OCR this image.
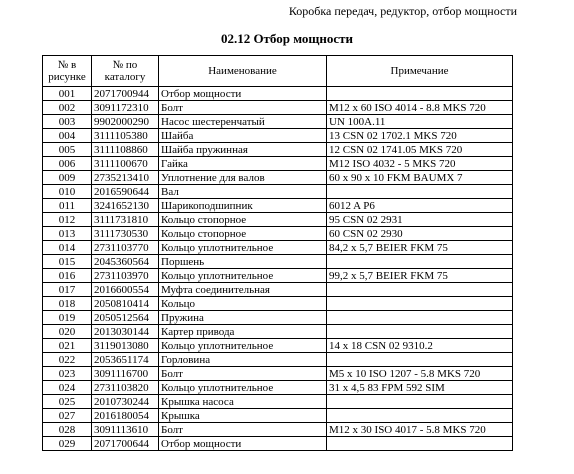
Коробка передач, редуктор, отбор мощности
02.12 Отбор мощности
№ в рисунке	№ по каталогу	Наименование	Примечание
001	2071700944	Отбор мощности	
002	3091172310	Болт	M12 x 60 ISO 4014 - 8.8 MKS 720
003	9902000290	Насос шестеренчатый	UN 100A.11
004	3111105380	Шайба	13 CSN 02 1702.1 MKS 720
005	3111108860	Шайба пружинная	12 CSN 02 1741.05 MKS 720
006	3111100670	Гайка	M12 ISO 4032 - 5 MKS 720
009	2735213410	Уплотнение для валов	60 x 90 x 10 FKM BAUMX 7
010	2016590644	Вал	
011	3241652130	Шарикоподшипник	6012 A P6
012	3111731810	Кольцо стопорное	95 CSN 02 2931
013	3111730530	Кольцо стопорное	60 CSN 02 2930
014	2731103770	Кольцо уплотнительное	84,2 x 5,7 BEIER FKM 75
015	2045360564	Поршень	
016	2731103970	Кольцо уплотнительное	99,2 x 5,7 BEIER FKM 75
017	2016600554	Муфта соединительная	
018	2050810414	Кольцо	
019	2050512564	Пружина	
020	2013030144	Картер привода	
021	3119013080	Кольцо уплотнительное	14 x 18 CSN 02 9310.2
022	2053651174	Горловина	
023	3091116700	Болт	M5 x 10 ISO 1207 - 5.8 MKS 720
024	2731103820	Кольцо уплотнительное	31 x 4,5 83 FPM 592 SIM
025	2010730244	Крышка насоса	
027	2016180054	Крышка	
028	3091113610	Болт	M12 x 30 ISO 4017 - 5.8 MKS 720
029	2071700644	Отбор мощности	
